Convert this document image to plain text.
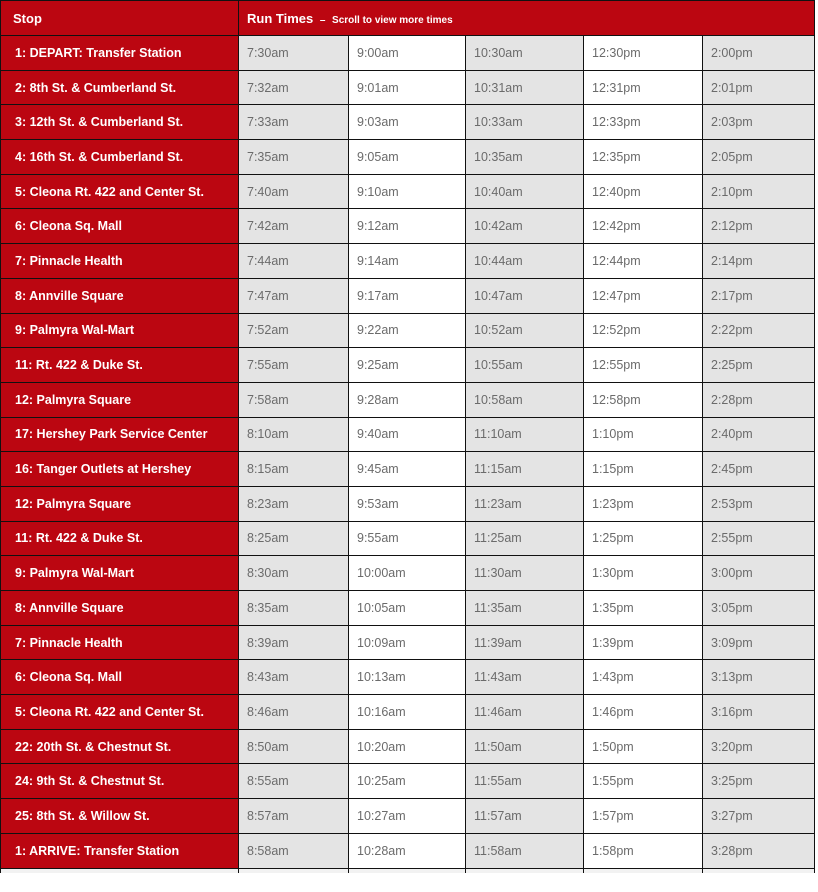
Stop	Run Times – Scroll to view more times				
1: DEPART: Transfer Station	7:30am	9:00am	10:30am	12:30pm	2:00pm
2: 8th St. & Cumberland St.	7:32am	9:01am	10:31am	12:31pm	2:01pm
3: 12th St. & Cumberland St.	7:33am	9:03am	10:33am	12:33pm	2:03pm
4: 16th St. & Cumberland St.	7:35am	9:05am	10:35am	12:35pm	2:05pm
5: Cleona Rt. 422 and Center St.	7:40am	9:10am	10:40am	12:40pm	2:10pm
6: Cleona Sq. Mall	7:42am	9:12am	10:42am	12:42pm	2:12pm
7: Pinnacle Health	7:44am	9:14am	10:44am	12:44pm	2:14pm
8: Annville Square	7:47am	9:17am	10:47am	12:47pm	2:17pm
9: Palmyra Wal-Mart	7:52am	9:22am	10:52am	12:52pm	2:22pm
11: Rt. 422 & Duke St.	7:55am	9:25am	10:55am	12:55pm	2:25pm
12: Palmyra Square	7:58am	9:28am	10:58am	12:58pm	2:28pm
17: Hershey Park Service Center	8:10am	9:40am	11:10am	1:10pm	2:40pm
16: Tanger Outlets at Hershey	8:15am	9:45am	11:15am	1:15pm	2:45pm
12: Palmyra Square	8:23am	9:53am	11:23am	1:23pm	2:53pm
11: Rt. 422 & Duke St.	8:25am	9:55am	11:25am	1:25pm	2:55pm
9: Palmyra Wal-Mart	8:30am	10:00am	11:30am	1:30pm	3:00pm
8: Annville Square	8:35am	10:05am	11:35am	1:35pm	3:05pm
7: Pinnacle Health	8:39am	10:09am	11:39am	1:39pm	3:09pm
6: Cleona Sq. Mall	8:43am	10:13am	11:43am	1:43pm	3:13pm
5: Cleona Rt. 422 and Center St.	8:46am	10:16am	11:46am	1:46pm	3:16pm
22: 20th St. & Chestnut St.	8:50am	10:20am	11:50am	1:50pm	3:20pm
24: 9th St. & Chestnut St.	8:55am	10:25am	11:55am	1:55pm	3:25pm
25: 8th St. & Willow St.	8:57am	10:27am	11:57am	1:57pm	3:27pm
1: ARRIVE: Transfer Station	8:58am	10:28am	11:58am	1:58pm	3:28pm
